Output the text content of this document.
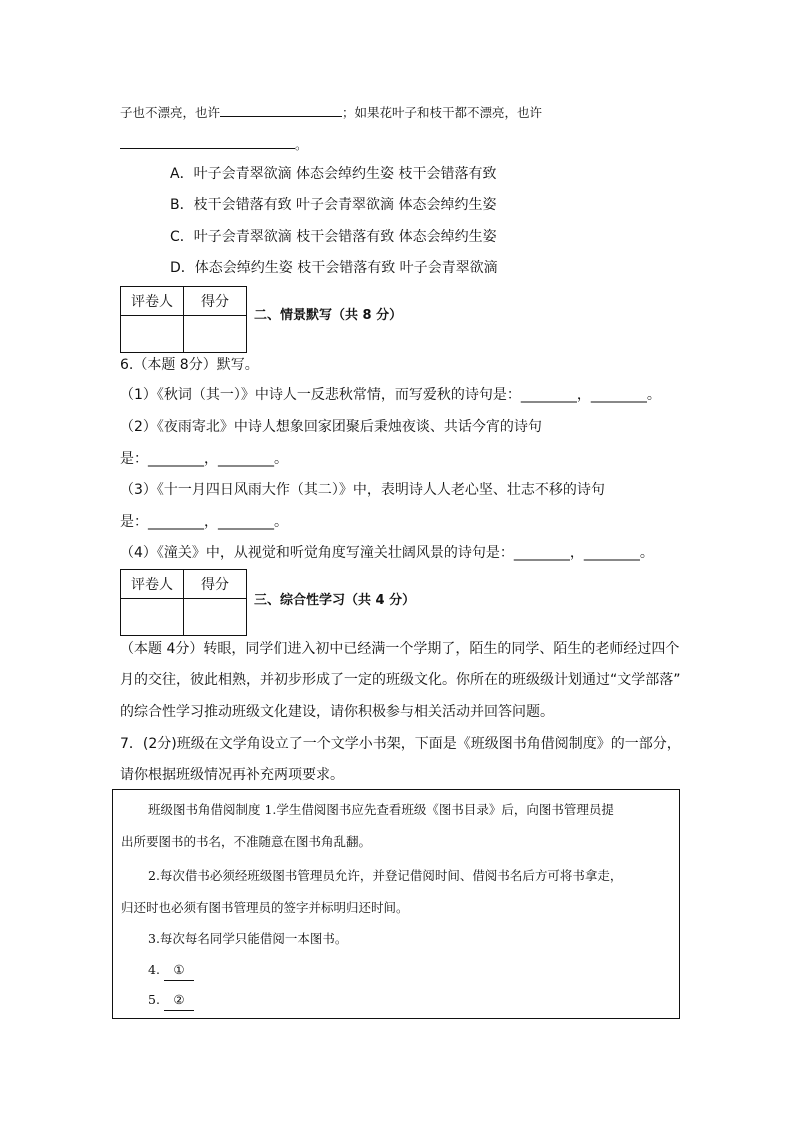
子也不漂亮，也许	；如果花叶子和枝干都不漂亮，也许
。
A．叶子会青翠欲滴 体态会绰约生姿 枝干会错落有致
B．枝干会错落有致 叶子会青翠欲滴 体态会绰约生姿
C．叶子会青翠欲滴 枝干会错落有致 体态会绰约生姿
D．体态会绰约生姿 枝干会错落有致 叶子会青翠欲滴
评卷人	得分

二、情景默写（共 8 分）
6.（本题 8分）默写。
（1）《秋词（其一）》中诗人一反悲秋常情，而写爱秋的诗句是：________，________。
（2）《夜雨寄北》中诗人想象回家团聚后秉烛夜谈、共话今宵的诗句
是：________，________。
（3）《十一月四日风雨大作（其二）》中，表明诗人人老心坚、壮志不移的诗句
是：________，________。
（4）《潼关》中，从视觉和听觉角度写潼关壮阔风景的诗句是：________，________。
评卷人	得分

三、综合性学习（共 4 分）
（本题 4分）转眼，同学们进入初中已经满一个学期了，陌生的同学、陌生的老师经过四个
月的交往，彼此相熟，并初步形成了一定的班级文化。你所在的班级级计划通过“文学部落”
的综合性学习推动班级文化建设，请你积极参与相关活动并回答问题。
7．(2分)班级在文学角设立了一个文学小书架，下面是《班级图书角借阅制度》的一部分，
请你根据班级情况再补充两项要求。
班级图书角借阅制度 1.学生借阅图书应先查看班级《图书目录》后，向图书管理员提
出所要图书的书名，不准随意在图书角乱翻。
2.每次借书必须经班级图书管理员允许，并登记借阅时间、借阅书名后方可将书拿走，
归还时也必须有图书管理员的签字并标明归还时间。
3.每次每名同学只能借阅一本图书。
4. ①
5. ②
